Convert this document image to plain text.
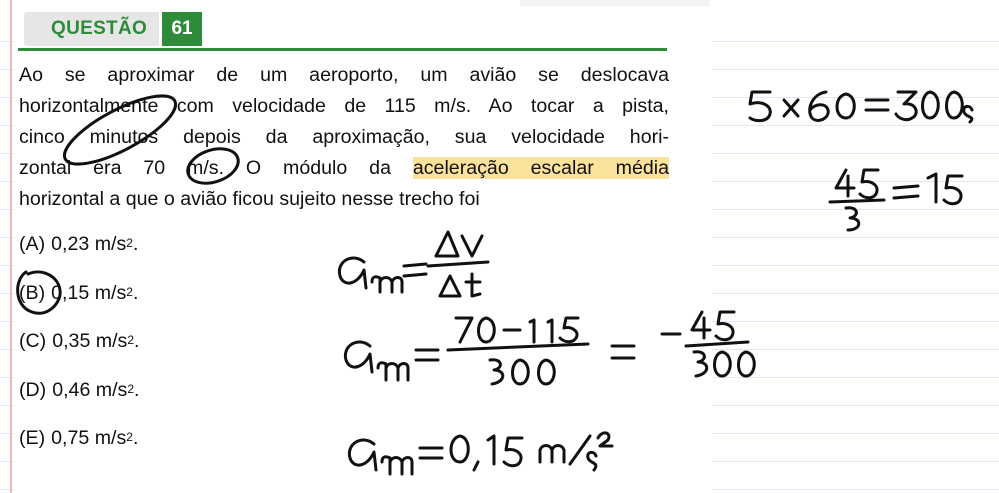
QUESTÃO	61
Ao se aproximar de um aeroporto, um avião se deslocava
horizontalmente com velocidade de 115 m/s. Ao tocar a pista,
cinco minutos depois da aproximação, sua velocidade hori-
zontal era 70 m/s. O módulo da aceleração escalar média
horizontal a que o avião ficou sujeito nesse trecho foi
(A) 0,23 $m/s^2$ .
(B) 0,15 $m/s^2$ .
(C) 0,35 $m/s^2$ .
(D) 0,46 $m/s^2$ .
(E) 0,75 $m/s^2$ .
